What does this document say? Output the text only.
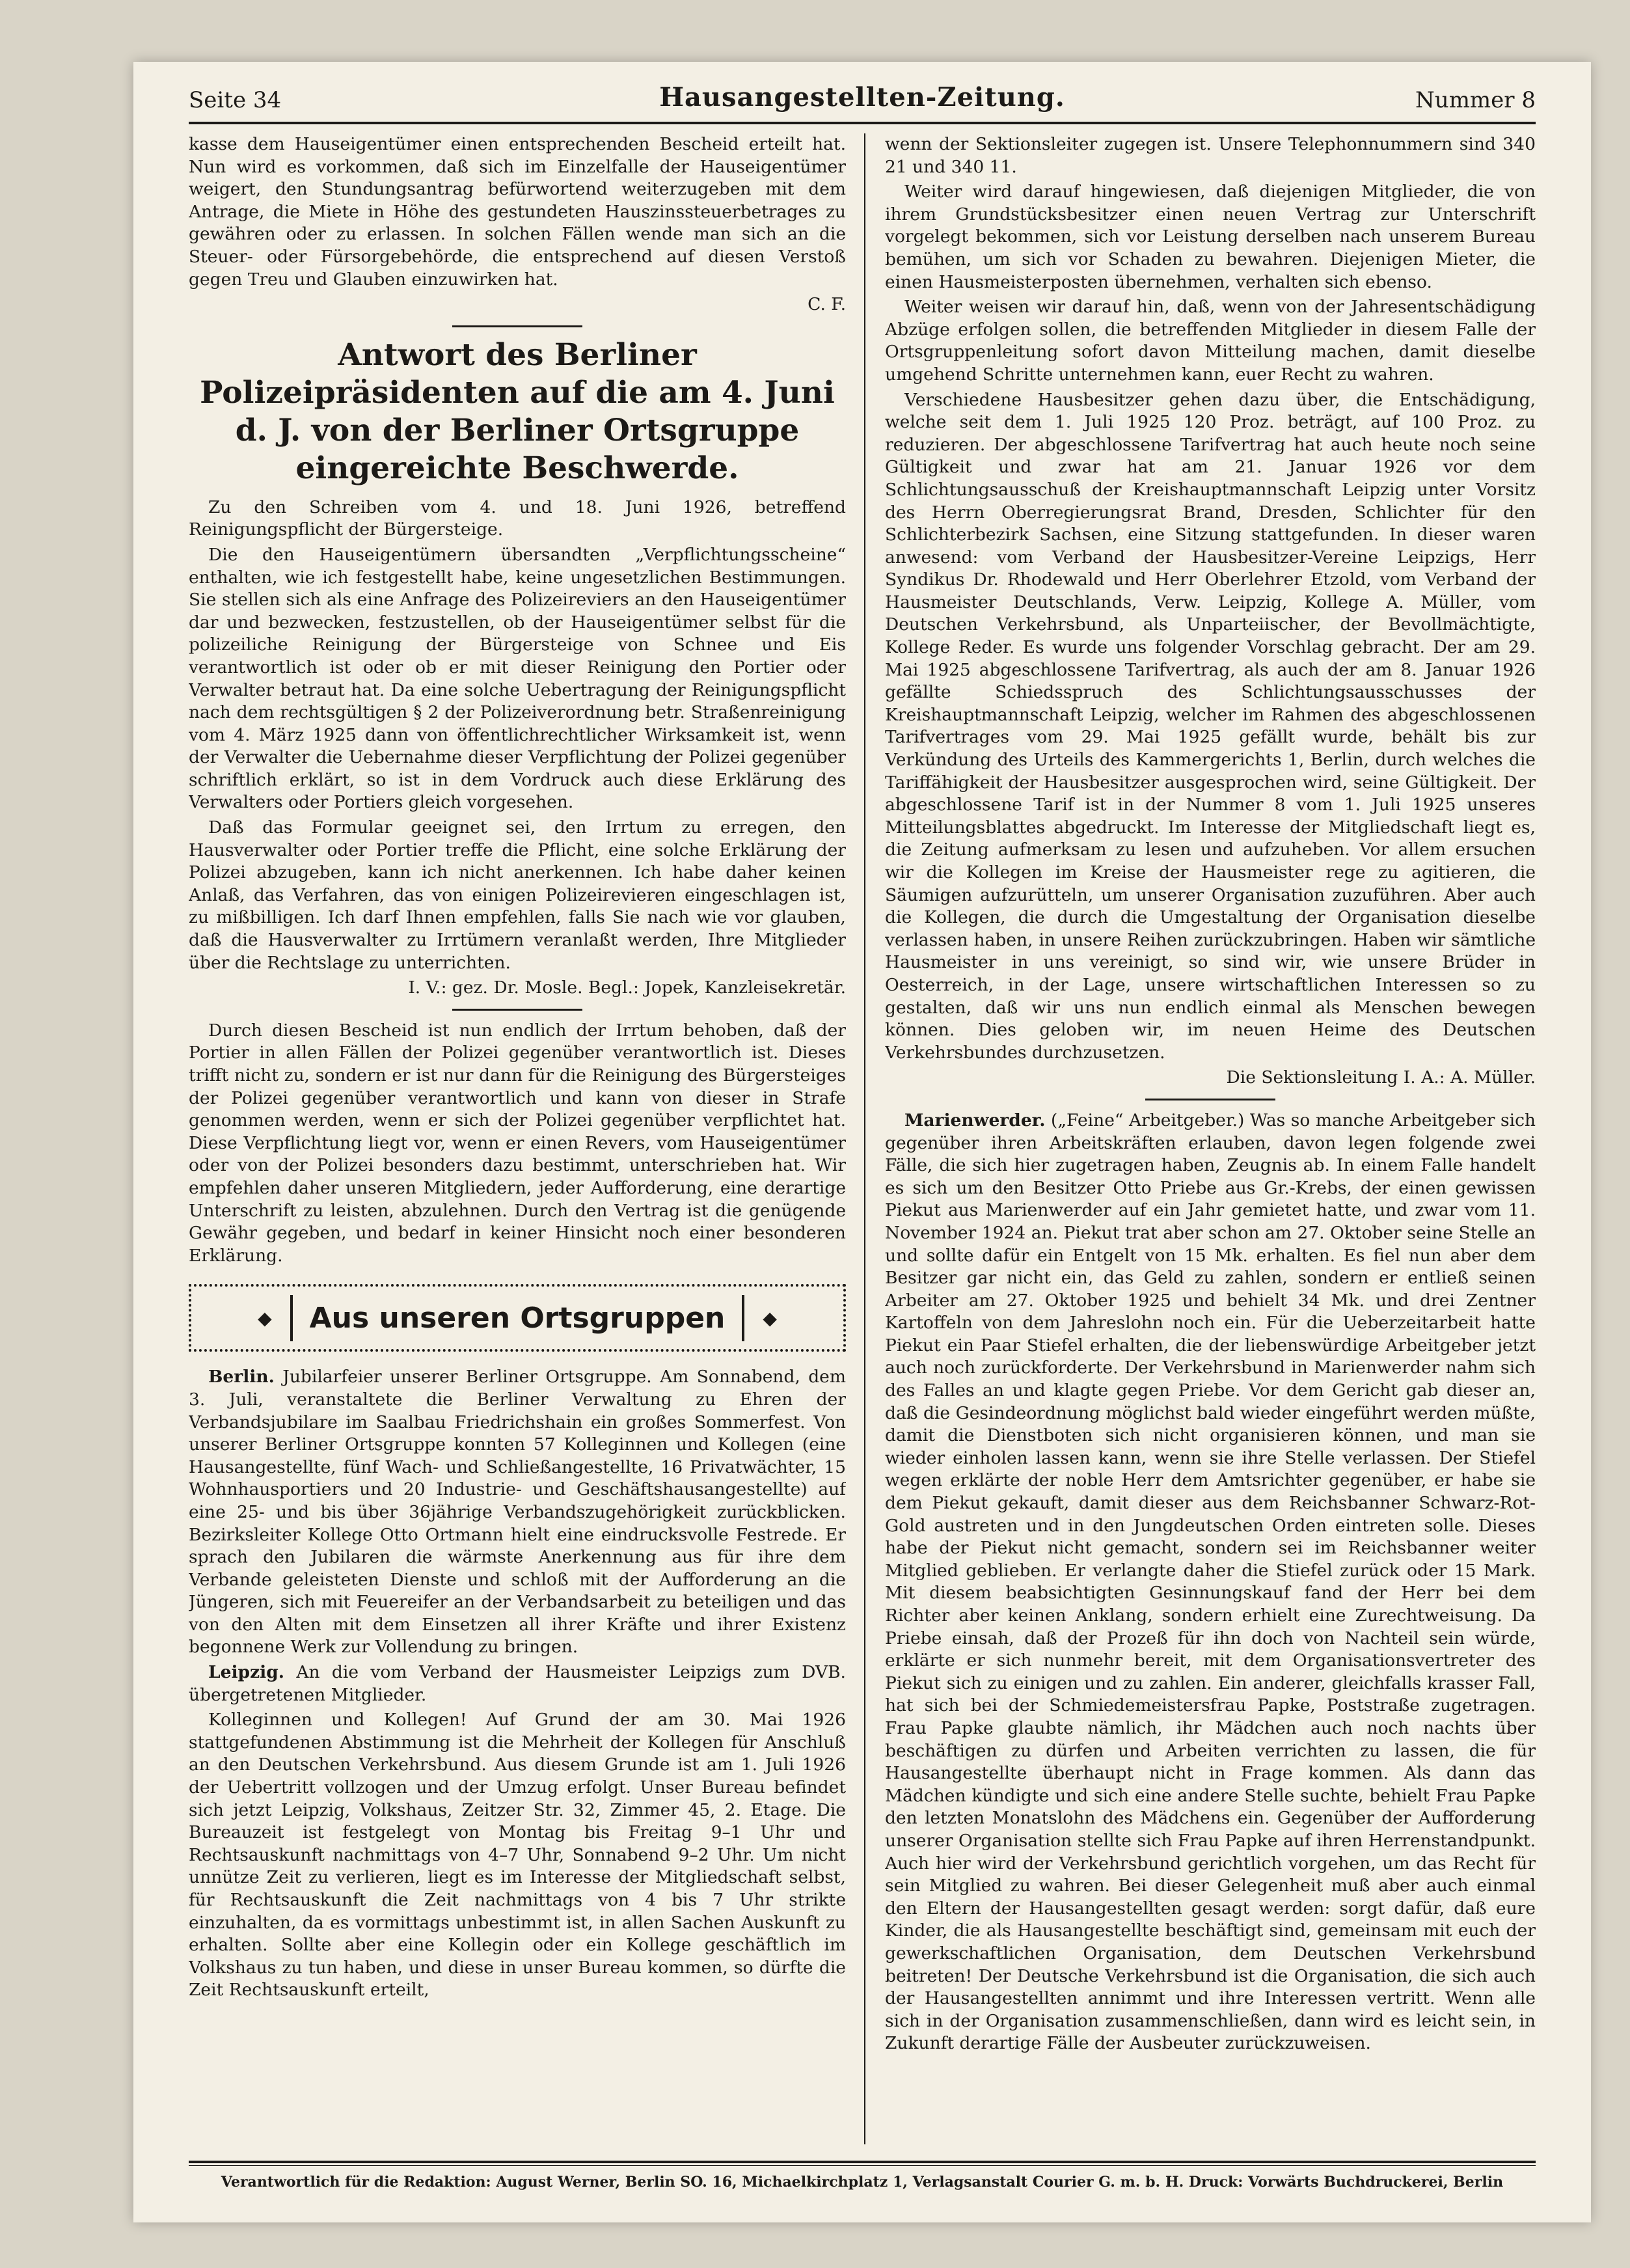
Seite 34	Hausangestellten-Zeitung.	Nummer 8

kasse dem Hauseigentümer einen entsprechenden Bescheid erteilt hat. Nun wird es vorkommen, daß sich im Einzelfalle der Hauseigentümer weigert, den Stundungsantrag befürwortend weiterzugeben mit dem Antrage, die Miete in Höhe des gestundeten Hauszinssteuerbetrages zu gewähren oder zu erlassen. In solchen Fällen wende man sich an die Steuer- oder Fürsorgebehörde, die entsprechend auf diesen Verstoß gegen Treu und Glauben einzuwirken hat.

C. F.

Antwort des Berliner Polizeipräsidenten auf die am 4. Juni d. J. von der Berliner Ortsgruppe eingereichte Beschwerde.

Zu den Schreiben vom 4. und 18. Juni 1926, betreffend Reinigungspflicht der Bürgersteige.

Die den Hauseigentümern übersandten „Verpflichtungsscheine“ enthalten, wie ich festgestellt habe, keine ungesetzlichen Bestimmungen. Sie stellen sich als eine Anfrage des Polizeireviers an den Hauseigentümer dar und bezwecken, festzustellen, ob der Hauseigentümer selbst für die polizeiliche Reinigung der Bürgersteige von Schnee und Eis verantwortlich ist oder ob er mit dieser Reinigung den Portier oder Verwalter betraut hat. Da eine solche Uebertragung der Reinigungspflicht nach dem rechtsgültigen § 2 der Polizeiverordnung betr. Straßenreinigung vom 4. März 1925 dann von öffentlichrechtlicher Wirksamkeit ist, wenn der Verwalter die Uebernahme dieser Verpflichtung der Polizei gegenüber schriftlich erklärt, so ist in dem Vordruck auch diese Erklärung des Verwalters oder Portiers gleich vorgesehen.

Daß das Formular geeignet sei, den Irrtum zu erregen, den Hausverwalter oder Portier treffe die Pflicht, eine solche Erklärung der Polizei abzugeben, kann ich nicht anerkennen. Ich habe daher keinen Anlaß, das Verfahren, das von einigen Polizeirevieren eingeschlagen ist, zu mißbilligen. Ich darf Ihnen empfehlen, falls Sie nach wie vor glauben, daß die Hausverwalter zu Irrtümern veranlaßt werden, Ihre Mitglieder über die Rechtslage zu unterrichten.

I. V.: gez. Dr. Mosle. Begl.: Jopek, Kanzleisekretär.

Durch diesen Bescheid ist nun endlich der Irrtum behoben, daß der Portier in allen Fällen der Polizei gegenüber verantwortlich ist. Dieses trifft nicht zu, sondern er ist nur dann für die Reinigung des Bürgersteiges der Polizei gegenüber verantwortlich und kann von dieser in Strafe genommen werden, wenn er sich der Polizei gegenüber verpflichtet hat. Diese Verpflichtung liegt vor, wenn er einen Revers, vom Hauseigentümer oder von der Polizei besonders dazu bestimmt, unterschrieben hat. Wir empfehlen daher unseren Mitgliedern, jeder Aufforderung, eine derartige Unterschrift zu leisten, abzulehnen. Durch den Vertrag ist die genügende Gewähr gegeben, und bedarf in keiner Hinsicht noch einer besonderen Erklärung.

◆	Aus unseren Ortsgruppen	◆

Berlin. Jubilarfeier unserer Berliner Ortsgruppe. Am Sonnabend, dem 3. Juli, veranstaltete die Berliner Verwaltung zu Ehren der Verbandsjubilare im Saalbau Friedrichshain ein großes Sommerfest. Von unserer Berliner Ortsgruppe konnten 57 Kolleginnen und Kollegen (eine Hausangestellte, fünf Wach- und Schließangestellte, 16 Privatwächter, 15 Wohnhausportiers und 20 Industrie- und Geschäftshausangestellte) auf eine 25- und bis über 36jährige Verbandszugehörigkeit zurückblicken. Bezirksleiter Kollege Otto Ortmann hielt eine eindrucksvolle Festrede. Er sprach den Jubilaren die wärmste Anerkennung aus für ihre dem Verbande geleisteten Dienste und schloß mit der Aufforderung an die Jüngeren, sich mit Feuereifer an der Verbandsarbeit zu beteiligen und das von den Alten mit dem Einsetzen all ihrer Kräfte und ihrer Existenz begonnene Werk zur Vollendung zu bringen.

Leipzig. An die vom Verband der Hausmeister Leipzigs zum DVB. übergetretenen Mitglieder.

Kolleginnen und Kollegen! Auf Grund der am 30. Mai 1926 stattgefundenen Abstimmung ist die Mehrheit der Kollegen für Anschluß an den Deutschen Verkehrsbund. Aus diesem Grunde ist am 1. Juli 1926 der Uebertritt vollzogen und der Umzug erfolgt. Unser Bureau befindet sich jetzt Leipzig, Volkshaus, Zeitzer Str. 32, Zimmer 45, 2. Etage. Die Bureauzeit ist festgelegt von Montag bis Freitag 9–1 Uhr und Rechtsauskunft nachmittags von 4–7 Uhr, Sonnabend 9–2 Uhr. Um nicht unnütze Zeit zu verlieren, liegt es im Interesse der Mitgliedschaft selbst, für Rechtsauskunft die Zeit nachmittags von 4 bis 7 Uhr strikte einzuhalten, da es vormittags unbestimmt ist, in allen Sachen Auskunft zu erhalten. Sollte aber eine Kollegin oder ein Kollege geschäftlich im Volkshaus zu tun haben, und diese in unser Bureau kommen, so dürfte die Zeit Rechtsauskunft erteilt,

wenn der Sektionsleiter zugegen ist. Unsere Telephonnummern sind 340 21 und 340 11.

Weiter wird darauf hingewiesen, daß diejenigen Mitglieder, die von ihrem Grundstücksbesitzer einen neuen Vertrag zur Unterschrift vorgelegt bekommen, sich vor Leistung derselben nach unserem Bureau bemühen, um sich vor Schaden zu bewahren. Diejenigen Mieter, die einen Hausmeisterposten übernehmen, verhalten sich ebenso.

Weiter weisen wir darauf hin, daß, wenn von der Jahresentschädigung Abzüge erfolgen sollen, die betreffenden Mitglieder in diesem Falle der Ortsgruppenleitung sofort davon Mitteilung machen, damit dieselbe umgehend Schritte unternehmen kann, euer Recht zu wahren.

Verschiedene Hausbesitzer gehen dazu über, die Entschädigung, welche seit dem 1. Juli 1925 120 Proz. beträgt, auf 100 Proz. zu reduzieren. Der abgeschlossene Tarifvertrag hat auch heute noch seine Gültigkeit und zwar hat am 21. Januar 1926 vor dem Schlichtungsausschuß der Kreishauptmannschaft Leipzig unter Vorsitz des Herrn Oberregierungsrat Brand, Dresden, Schlichter für den Schlichterbezirk Sachsen, eine Sitzung stattgefunden. In dieser waren anwesend: vom Verband der Hausbesitzer-Vereine Leipzigs, Herr Syndikus Dr. Rhodewald und Herr Oberlehrer Etzold, vom Verband der Hausmeister Deutschlands, Verw. Leipzig, Kollege A. Müller, vom Deutschen Verkehrsbund, als Unparteiischer, der Bevollmächtigte, Kollege Reder. Es wurde uns folgender Vorschlag gebracht. Der am 29. Mai 1925 abgeschlossene Tarifvertrag, als auch der am 8. Januar 1926 gefällte Schiedsspruch des Schlichtungsausschusses der Kreishauptmannschaft Leipzig, welcher im Rahmen des abgeschlossenen Tarifvertrages vom 29. Mai 1925 gefällt wurde, behält bis zur Verkündung des Urteils des Kammergerichts 1, Berlin, durch welches die Tariffähigkeit der Hausbesitzer ausgesprochen wird, seine Gültigkeit. Der abgeschlossene Tarif ist in der Nummer 8 vom 1. Juli 1925 unseres Mitteilungsblattes abgedruckt. Im Interesse der Mitgliedschaft liegt es, die Zeitung aufmerksam zu lesen und aufzuheben. Vor allem ersuchen wir die Kollegen im Kreise der Hausmeister rege zu agitieren, die Säumigen aufzurütteln, um unserer Organisation zuzuführen. Aber auch die Kollegen, die durch die Umgestaltung der Organisation dieselbe verlassen haben, in unsere Reihen zurückzubringen. Haben wir sämtliche Hausmeister in uns vereinigt, so sind wir, wie unsere Brüder in Oesterreich, in der Lage, unsere wirtschaftlichen Interessen so zu gestalten, daß wir uns nun endlich einmal als Menschen bewegen können. Dies geloben wir, im neuen Heime des Deutschen Verkehrsbundes durchzusetzen.

Die Sektionsleitung I. A.: A. Müller.

Marienwerder. („Feine“ Arbeitgeber.) Was so manche Arbeitgeber sich gegenüber ihren Arbeitskräften erlauben, davon legen folgende zwei Fälle, die sich hier zugetragen haben, Zeugnis ab. In einem Falle handelt es sich um den Besitzer Otto Priebe aus Gr.-Krebs, der einen gewissen Piekut aus Marienwerder auf ein Jahr gemietet hatte, und zwar vom 11. November 1924 an. Piekut trat aber schon am 27. Oktober seine Stelle an und sollte dafür ein Entgelt von 15 Mk. erhalten. Es fiel nun aber dem Besitzer gar nicht ein, das Geld zu zahlen, sondern er entließ seinen Arbeiter am 27. Oktober 1925 und behielt 34 Mk. und drei Zentner Kartoffeln von dem Jahreslohn noch ein. Für die Ueberzeitarbeit hatte Piekut ein Paar Stiefel erhalten, die der liebenswürdige Arbeitgeber jetzt auch noch zurückforderte. Der Verkehrsbund in Marienwerder nahm sich des Falles an und klagte gegen Priebe. Vor dem Gericht gab dieser an, daß die Gesindeordnung möglichst bald wieder eingeführt werden müßte, damit die Dienstboten sich nicht organisieren können, und man sie wieder einholen lassen kann, wenn sie ihre Stelle verlassen. Der Stiefel wegen erklärte der noble Herr dem Amtsrichter gegenüber, er habe sie dem Piekut gekauft, damit dieser aus dem Reichsbanner Schwarz-Rot-Gold austreten und in den Jungdeutschen Orden eintreten solle. Dieses habe der Piekut nicht gemacht, sondern sei im Reichsbanner weiter Mitglied geblieben. Er verlangte daher die Stiefel zurück oder 15 Mark. Mit diesem beabsichtigten Gesinnungskauf fand der Herr bei dem Richter aber keinen Anklang, sondern erhielt eine Zurechtweisung. Da Priebe einsah, daß der Prozeß für ihn doch von Nachteil sein würde, erklärte er sich nunmehr bereit, mit dem Organisationsvertreter des Piekut sich zu einigen und zu zahlen. Ein anderer, gleichfalls krasser Fall, hat sich bei der Schmiedemeistersfrau Papke, Poststraße zugetragen. Frau Papke glaubte nämlich, ihr Mädchen auch noch nachts über beschäftigen zu dürfen und Arbeiten verrichten zu lassen, die für Hausangestellte überhaupt nicht in Frage kommen. Als dann das Mädchen kündigte und sich eine andere Stelle suchte, behielt Frau Papke den letzten Monatslohn des Mädchens ein. Gegenüber der Aufforderung unserer Organisation stellte sich Frau Papke auf ihren Herrenstandpunkt. Auch hier wird der Verkehrsbund gerichtlich vorgehen, um das Recht für sein Mitglied zu wahren. Bei dieser Gelegenheit muß aber auch einmal den Eltern der Hausangestellten gesagt werden: sorgt dafür, daß eure Kinder, die als Hausangestellte beschäftigt sind, gemeinsam mit euch der gewerkschaftlichen Organisation, dem Deutschen Verkehrsbund beitreten! Der Deutsche Verkehrsbund ist die Organisation, die sich auch der Hausangestellten annimmt und ihre Interessen vertritt. Wenn alle sich in der Organisation zusammenschließen, dann wird es leicht sein, in Zukunft derartige Fälle der Ausbeuter zurückzuweisen.

Verantwortlich für die Redaktion: August Werner, Berlin SO. 16, Michaelkirchplatz 1, Verlagsanstalt Courier G. m. b. H. Druck: Vorwärts Buchdruckerei, Berlin
